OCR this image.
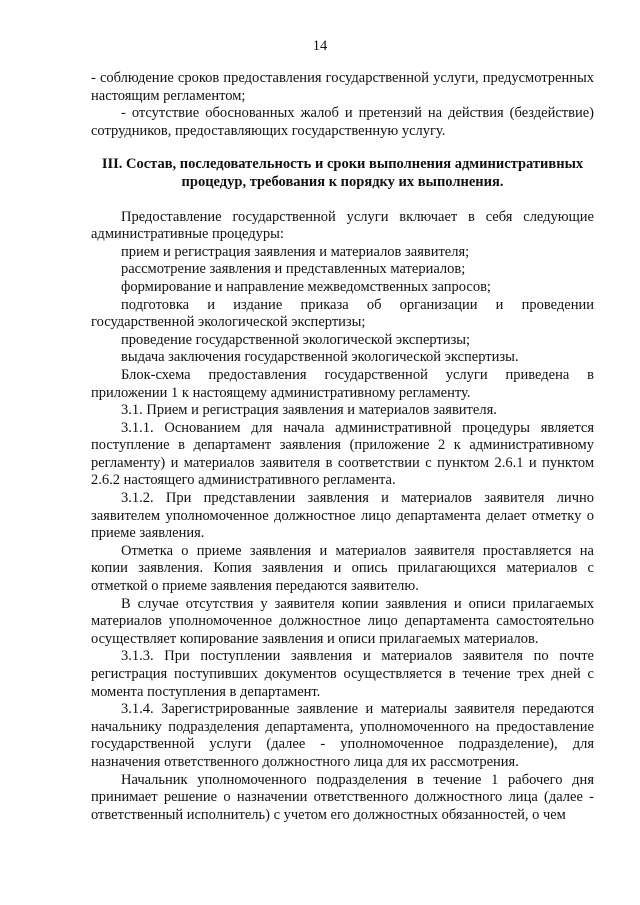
14

- соблюдение сроков предоставления государственной услуги, предусмотренных настоящим регламентом;

- отсутствие обоснованных жалоб и претензий на действия (бездействие) сотрудников, предоставляющих государственную услугу.

III. Состав, последовательность и сроки выполнения административных процедур, требования к порядку их выполнения.

Предоставление государственной услуги включает в себя следующие административные процедуры:

прием и регистрация заявления и материалов заявителя;

рассмотрение заявления и представленных материалов;

формирование и направление межведомственных запросов;

подготовка и издание приказа об организации и проведении государственной экологической экспертизы;

проведение государственной экологической экспертизы;

выдача заключения государственной экологической экспертизы.

Блок-схема предоставления государственной услуги приведена в приложении 1 к настоящему административному регламенту.

3.1. Прием и регистрация заявления и материалов заявителя.

3.1.1. Основанием для начала административной процедуры является поступление в департамент заявления (приложение 2 к административному регламенту) и материалов заявителя в соответствии с пунктом 2.6.1 и пунктом 2.6.2 настоящего административного регламента.

3.1.2. При представлении заявления и материалов заявителя лично заявителем уполномоченное должностное лицо департамента делает отметку о приеме заявления.

Отметка о приеме заявления и материалов заявителя проставляется на копии заявления. Копия заявления и опись прилагающихся материалов с отметкой о приеме заявления передаются заявителю.

В случае отсутствия у заявителя копии заявления и описи прилагаемых материалов уполномоченное должностное лицо департамента самостоятельно осуществляет копирование заявления и описи прилагаемых материалов.

3.1.3. При поступлении заявления и материалов заявителя по почте регистрация поступивших документов осуществляется в течение трех дней с момента поступления в департамент.

3.1.4. Зарегистрированные заявление и материалы заявителя передаются начальнику подразделения департамента, уполномоченного на предоставление государственной услуги (далее - уполномоченное подразделение), для назначения ответственного должностного лица для их рассмотрения.

Начальник уполномоченного подразделения в течение 1 рабочего дня принимает решение о назначении ответственного должностного лица (далее - ответственный исполнитель) с учетом его должностных обязанностей, о чем
